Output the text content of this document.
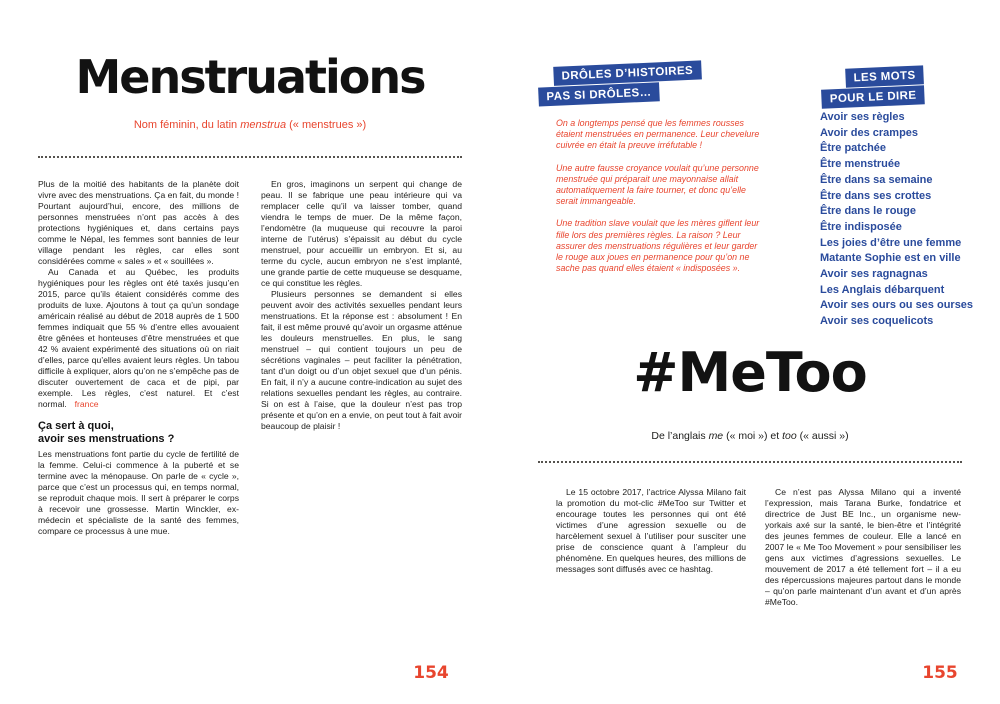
Menstruations

Nom féminin, du latin menstrua (« menstrues »)

Plus de la moitié des habitants de la planète doit vivre avec des menstruations. Ça en fait, du monde ! Pourtant aujourd’hui, encore, des millions de personnes menstruées n’ont pas accès à des protections hygiéniques et, dans certains pays comme le Népal, les femmes sont bannies de leur village pendant les règles, car elles sont considérées comme « sales » et « souillées ».

Au Canada et au Québec, les produits hygiéniques pour les règles ont été taxés jusqu’en 2015, parce qu’ils étaient considérés comme des produits de luxe. Ajoutons à tout ça qu’un sondage américain réalisé au début de 2018 auprès de 1 500 femmes indiquait que 55 % d’entre elles avouaient être gênées et honteuses d’être menstruées et que 42 % avaient expérimenté des situations où on riait d’elles, parce qu’elles avaient leurs règles. Un tabou difficile à expliquer, alors qu’on ne s’empêche pas de discuter ouvertement de caca et de pipi, par exemple. Les règles, c’est naturel. Et c’est normal. france

Ça sert à quoi,
avoir ses menstruations ?

Les menstruations font partie du cycle de fertilité de la femme. Celui-ci commence à la puberté et se termine avec la ménopause. On parle de « cycle », parce que c’est un processus qui, en temps normal, se reproduit chaque mois. Il sert à préparer le corps à recevoir une grossesse. Martin Winckler, ex-médecin et spécialiste de la santé des femmes, compare ce processus à une mue.

En gros, imaginons un serpent qui change de peau. Il se fabrique une peau intérieure qui va remplacer celle qu’il va laisser tomber, quand viendra le temps de muer. De la même façon, l’endomètre (la muqueuse qui recouvre la paroi interne de l’utérus) s’épaissit au début du cycle menstruel, pour accueillir un embryon. Et si, au terme du cycle, aucun embryon ne s’est implanté, une grande partie de cette muqueuse se desquame, ce qui constitue les règles.

Plusieurs personnes se demandent si elles peuvent avoir des activités sexuelles pendant leurs menstruations. Et la réponse est : absolument ! En fait, il est même prouvé qu’avoir un orgasme atténue les douleurs menstruelles. En plus, le sang menstruel – qui contient toujours un peu de sécrétions vaginales – peut faciliter la pénétration, tant d’un doigt ou d’un objet sexuel que d’un pénis. En fait, il n’y a aucune contre-indication au sujet des relations sexuelles pendant les règles, au contraire. Si on est à l’aise, que la douleur n’est pas trop présente et qu’on en a envie, on peut tout à fait avoir beaucoup de plaisir !

154
DRÔLES D’HISTOIRES
PAS SI DRÔLES…

On a longtemps pensé que les femmes rousses étaient menstruées en permanence. Leur chevelure cuivrée en était la preuve irréfutable !

Une autre fausse croyance voulait qu’une personne menstruée qui préparait une mayonnaise allait automatiquement la faire tourner, et donc qu’elle serait immangeable.

Une tradition slave voulait que les mères giflent leur fille lors des premières règles. La raison ? Leur assurer des menstruations régulières et leur garder le rouge aux joues en permanence pour qu’on ne sache pas quand elles étaient « indisposées ».

LES MOTS
POUR LE DIRE
Avoir ses règles
Avoir des crampes
Être patchée
Être menstruée
Être dans sa semaine
Être dans ses crottes
Être dans le rouge
Être indisposée
Les joies d’être une femme
Matante Sophie est en ville
Avoir ses ragnagnas
Les Anglais débarquent
Avoir ses ours ou ses ourses
Avoir ses coquelicots
#MeToo

De l’anglais me (« moi ») et too (« aussi »)

Le 15 octobre 2017, l’actrice Alyssa Milano fait la promotion du mot-clic #MeToo sur Twitter et encourage toutes les personnes qui ont été victimes d’une agression sexuelle ou de harcèlement sexuel à l’utiliser pour susciter une prise de conscience quant à l’ampleur du phénomène. En quelques heures, des millions de messages sont diffusés avec ce hashtag.

Ce n’est pas Alyssa Milano qui a inventé l’expression, mais Tarana Burke, fondatrice et directrice de Just BE Inc., un organisme new-yorkais axé sur la santé, le bien-être et l’intégrité des jeunes femmes de couleur. Elle a lancé en 2007 le « Me Too Movement » pour sensibiliser les gens aux victimes d’agressions sexuelles. Le mouvement de 2017 a été tellement fort – il a eu des répercussions majeures partout dans le monde – qu’on parle maintenant d’un avant et d’un après #MeToo.

155
